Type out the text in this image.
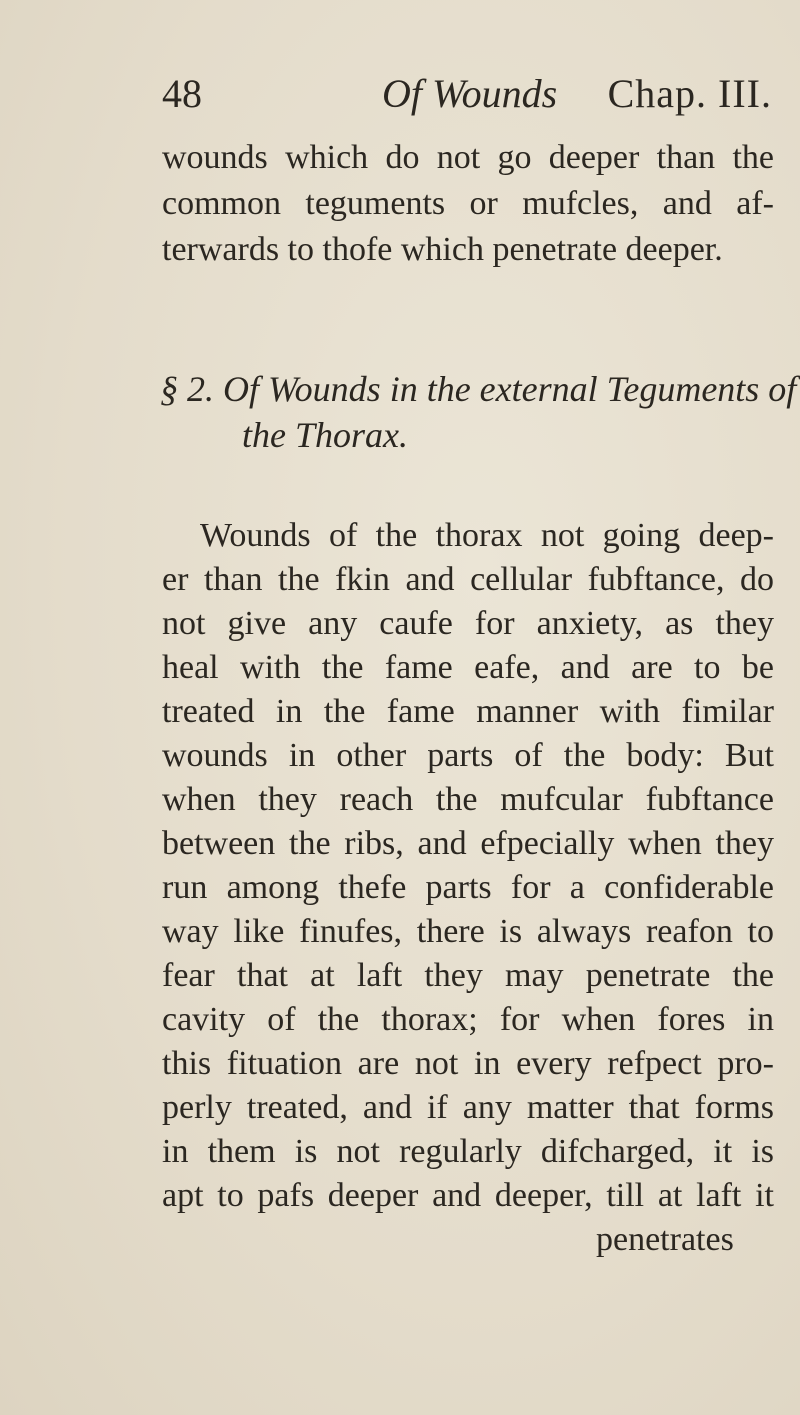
48	Of Wounds Chap. III.
wounds which do not go deeper than the
common teguments or mufcles, and af-
terwards to thofe which penetrate deeper.
§ 2. Of Wounds in the external Teguments of
the Thorax.
Wounds of the thorax not going deep-
er than the fkin and cellular fubftance, do
not give any caufe for anxiety, as they
heal with the fame eafe, and are to be
treated in the fame manner with fimilar
wounds in other parts of the body: But
when they reach the mufcular fubftance
between the ribs, and efpecially when they
run among thefe parts for a confiderable
way like finufes, there is always reafon to
fear that at laft they may penetrate the
cavity of the thorax; for when fores in
this fituation are not in every refpect pro-
perly treated, and if any matter that forms
in them is not regularly difcharged, it is
apt to pafs deeper and deeper, till at laft it
penetrates
